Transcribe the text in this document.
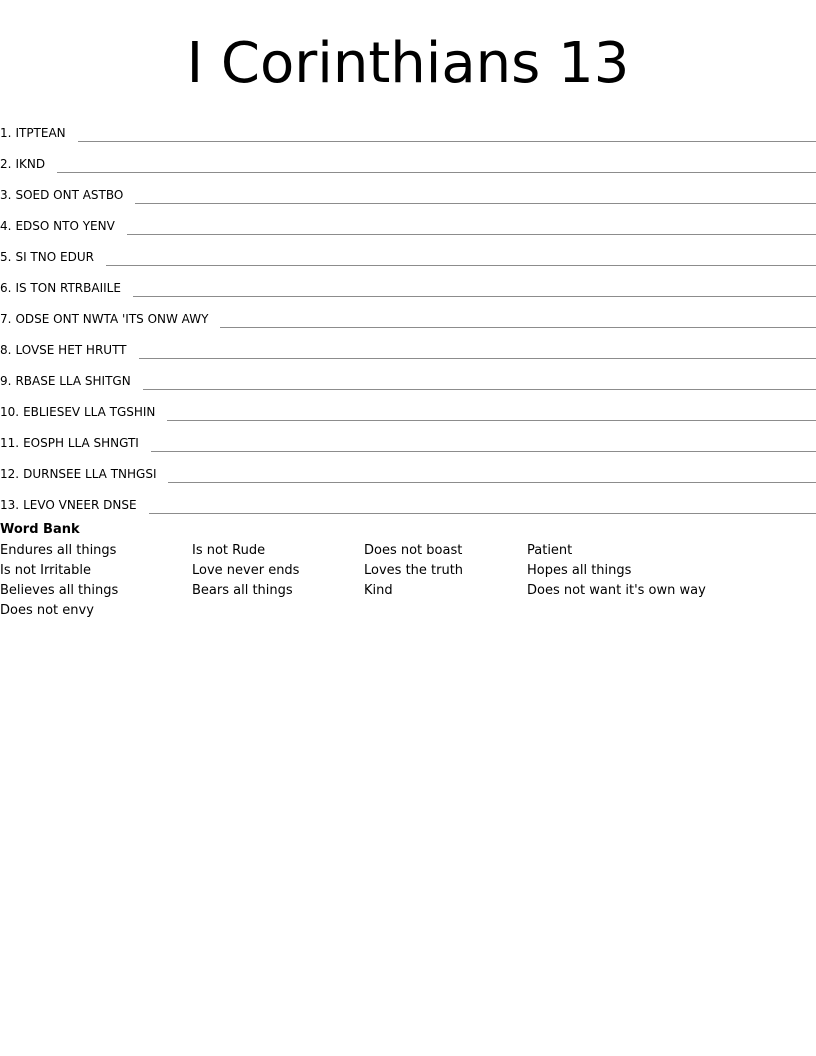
I Corinthians 13
1. ITPTEAN
2. IKND
3. SOED ONT ASTBO
4. EDSO NTO YENV
5. SI TNO EDUR
6. IS TON RTRBAIILE
7. ODSE ONT NWTA 'ITS ONW AWY
8. LOVSE HET HRUTT
9. RBASE LLA SHITGN
10. EBLIESEV LLA TGSHIN
11. EOSPH LLA SHNGTI
12. DURNSEE LLA TNHGSI
13. LEVO VNEER DNSE
Word Bank
Endures all things	Is not Rude	Does not boast	Patient
Is not Irritable	Love never ends	Loves the truth	Hopes all things
Believes all things	Bears all things	Kind	Does not want it's own way
Does not envy
